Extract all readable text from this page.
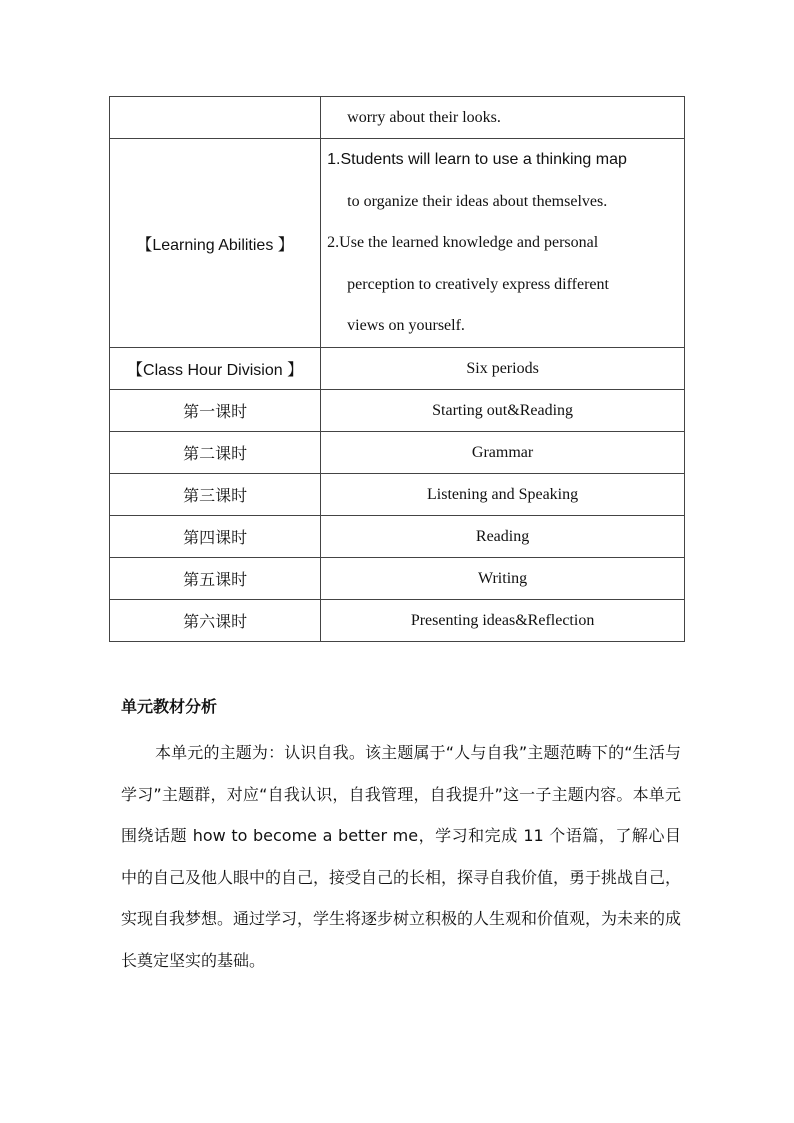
	worry about their looks.
【Learning Abilities 】	1.Students will learn to use a thinking map
to organize their ideas about themselves.
2.Use the learned knowledge and personal
perception to creatively express different
views on yourself.

【Class Hour Division 】	Six periods
第一课时	Starting out&Reading
第二课时	Grammar
第三课时	Listening and Speaking
第四课时	Reading
第五课时	Writing
第六课时	Presenting ideas&Reflection
单元教材分析

本单元的主题为：认识自我。该主题属于“人与自我”主题范畴下的“生活与学习”主题群，对应“自我认识，自我管理，自我提升”这一子主题内容。本单元围绕话题 how to become a better me，学习和完成 11 个语篇，了解心目中的自己及他人眼中的自己，接受自己的长相，探寻自我价值，勇于挑战自己，实现自我梦想。通过学习，学生将逐步树立积极的人生观和价值观，为未来的成长奠定坚实的基础。
